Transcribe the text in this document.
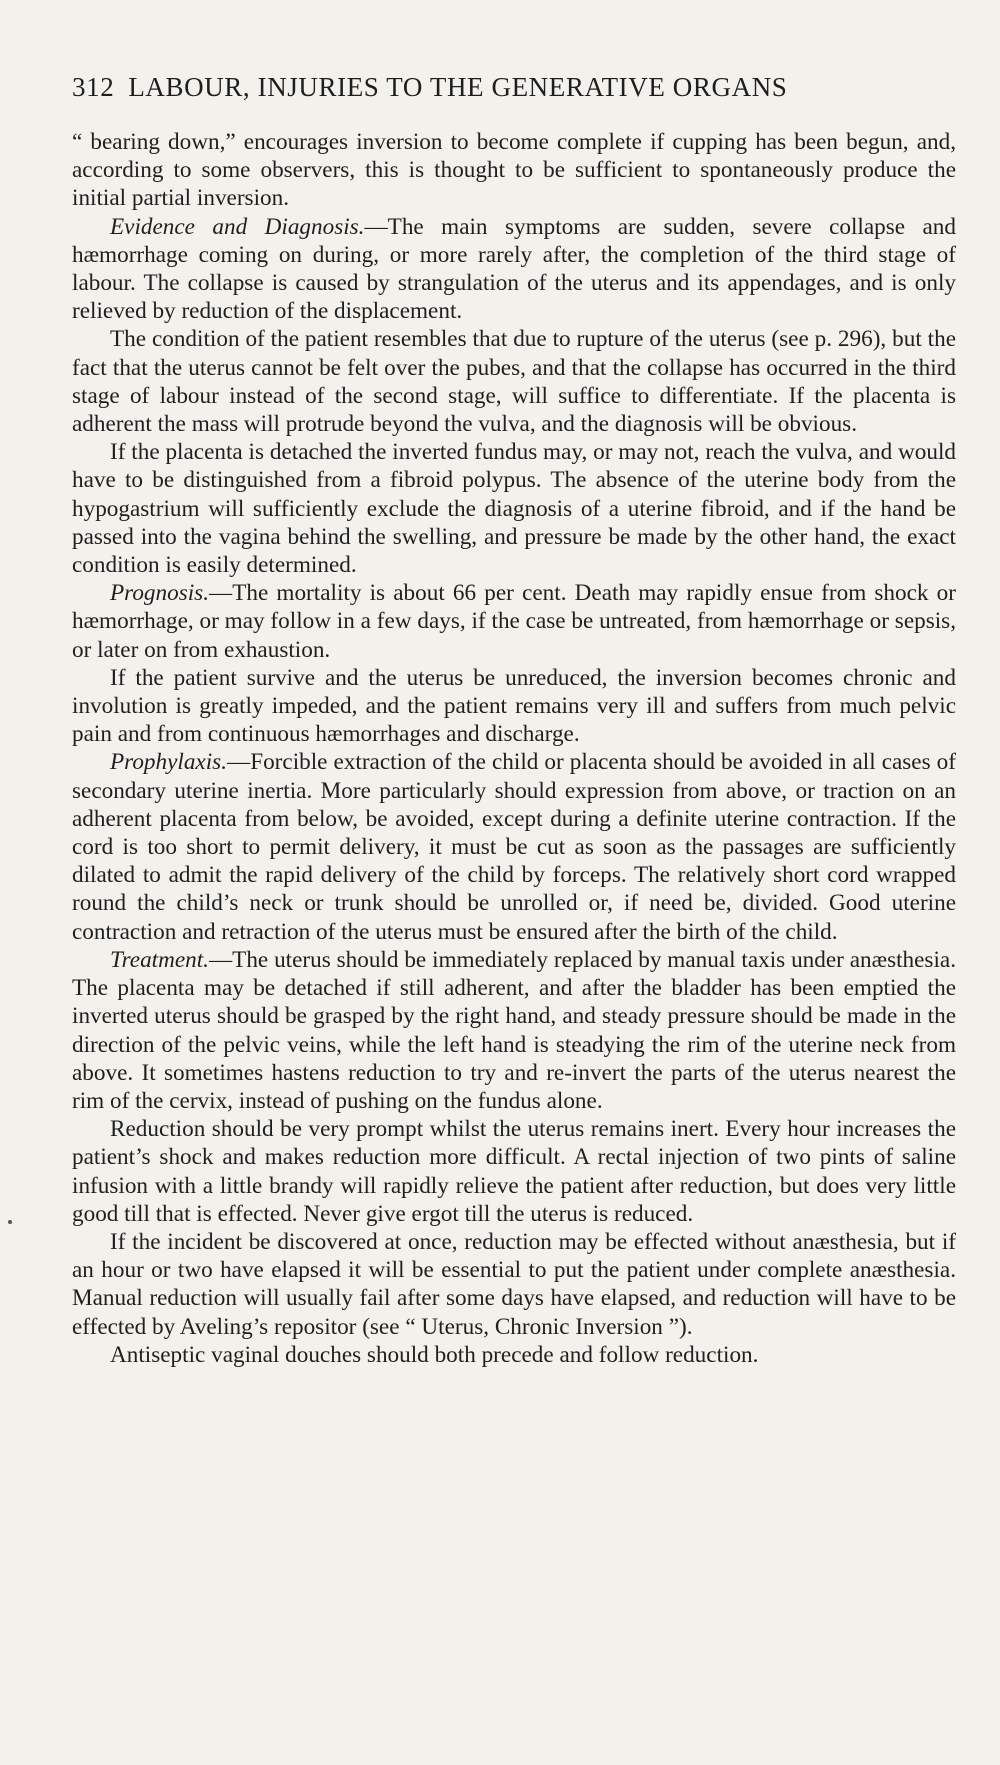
312 LABOUR, INJURIES TO THE GENERATIVE ORGANS

“ bearing down,” encourages inversion to become complete if cupping has been begun, and, according to some observers, this is thought to be sufficient to spontaneously produce the initial partial inversion.

Evidence and Diagnosis.—The main symptoms are sudden, severe collapse and hæmorrhage coming on during, or more rarely after, the completion of the third stage of labour. The collapse is caused by strangulation of the uterus and its appendages, and is only relieved by reduction of the displacement.

The condition of the patient resembles that due to rupture of the uterus (see p. 296), but the fact that the uterus cannot be felt over the pubes, and that the collapse has occurred in the third stage of labour instead of the second stage, will suffice to differentiate. If the placenta is adherent the mass will protrude beyond the vulva, and the diagnosis will be obvious.

If the placenta is detached the inverted fundus may, or may not, reach the vulva, and would have to be distinguished from a fibroid polypus. The absence of the uterine body from the hypogastrium will sufficiently exclude the diagnosis of a uterine fibroid, and if the hand be passed into the vagina behind the swelling, and pressure be made by the other hand, the exact condition is easily determined.

Prognosis.—The mortality is about 66 per cent. Death may rapidly ensue from shock or hæmorrhage, or may follow in a few days, if the case be untreated, from hæmorrhage or sepsis, or later on from exhaustion.

If the patient survive and the uterus be unreduced, the inversion becomes chronic and involution is greatly impeded, and the patient remains very ill and suffers from much pelvic pain and from continuous hæmorrhages and discharge.

Prophylaxis.—Forcible extraction of the child or placenta should be avoided in all cases of secondary uterine inertia. More particularly should expression from above, or traction on an adherent placenta from below, be avoided, except during a definite uterine contraction. If the cord is too short to permit delivery, it must be cut as soon as the passages are sufficiently dilated to admit the rapid delivery of the child by forceps. The relatively short cord wrapped round the child’s neck or trunk should be unrolled or, if need be, divided. Good uterine contraction and retraction of the uterus must be ensured after the birth of the child.

Treatment.—The uterus should be immediately replaced by manual taxis under anæsthesia. The placenta may be detached if still adherent, and after the bladder has been emptied the inverted uterus should be grasped by the right hand, and steady pressure should be made in the direction of the pelvic veins, while the left hand is steadying the rim of the uterine neck from above. It sometimes hastens reduction to try and re-invert the parts of the uterus nearest the rim of the cervix, instead of pushing on the fundus alone.

Reduction should be very prompt whilst the uterus remains inert. Every hour increases the patient’s shock and makes reduction more difficult. A rectal injection of two pints of saline infusion with a little brandy will rapidly relieve the patient after reduction, but does very little good till that is effected. Never give ergot till the uterus is reduced.

If the incident be discovered at once, reduction may be effected without anæsthesia, but if an hour or two have elapsed it will be essential to put the patient under complete anæsthesia. Manual reduction will usually fail after some days have elapsed, and reduction will have to be effected by Aveling’s repositor (see “ Uterus, Chronic Inversion ”).

Antiseptic vaginal douches should both precede and follow reduction.
